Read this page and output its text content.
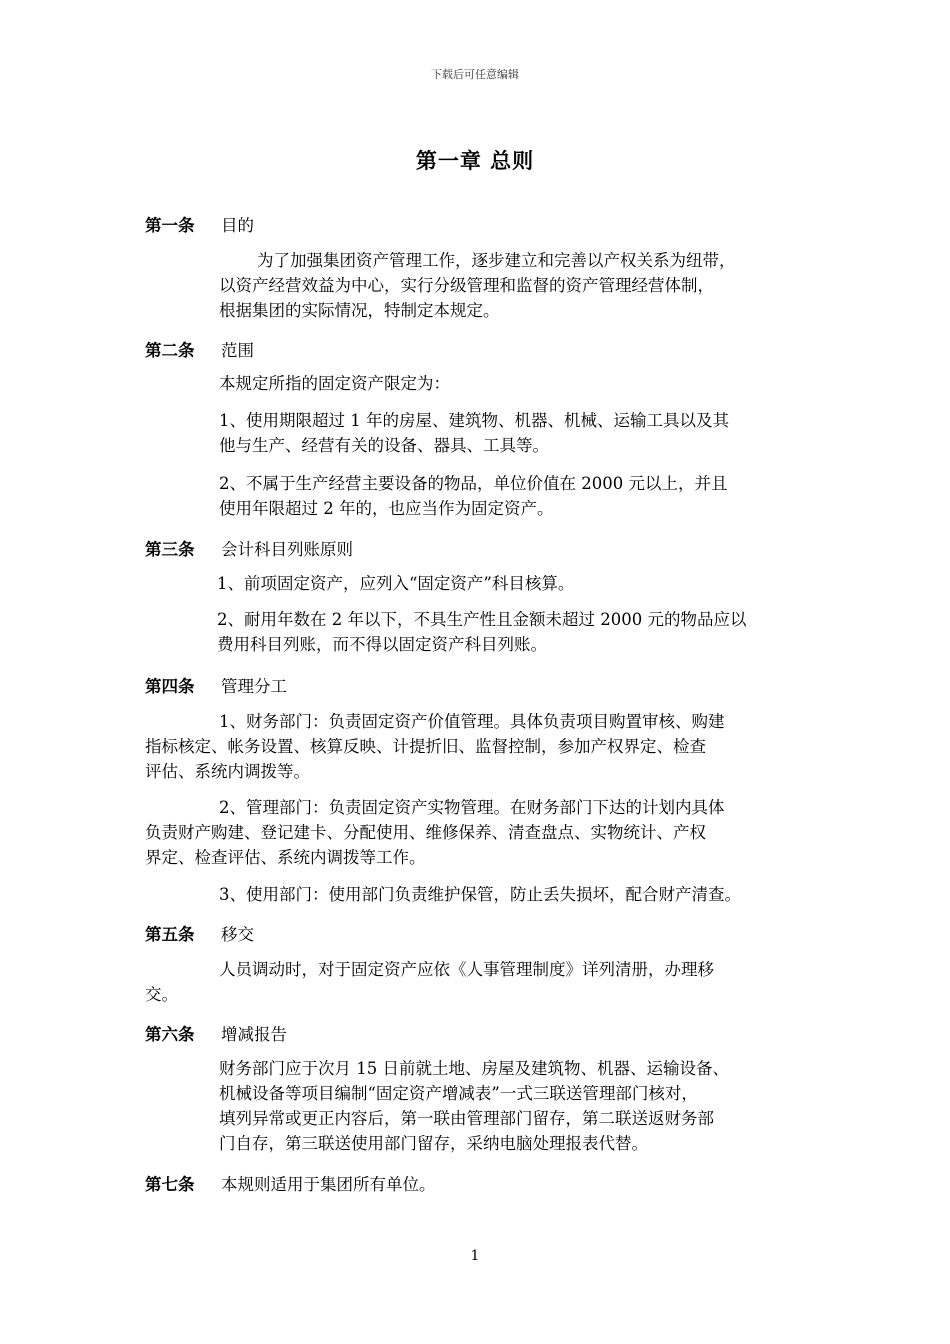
下载后可任意编辑
第一章 总则
第一条 目的
为了加强集团资产管理工作，逐步建立和完善以产权关系为纽带，
以资产经营效益为中心，实行分级管理和监督的资产管理经营体制，
根据集团的实际情况，特制定本规定。
第二条 范围
本规定所指的固定资产限定为：
1、使用期限超过 1 年的房屋、建筑物、机器、机械、运输工具以及其
他与生产、经营有关的设备、器具、工具等。
2、不属于生产经营主要设备的物品，单位价值在 2000 元以上，并且
使用年限超过 2 年的，也应当作为固定资产。
第三条 会计科目列账原则
1、前项固定资产，应列入“固定资产”科目核算。
2、耐用年数在 2 年以下，不具生产性且金额未超过 2000 元的物品应以
费用科目列账，而不得以固定资产科目列账。
第四条 管理分工
1、财务部门：负责固定资产价值管理。具体负责项目购置审核、购建
指标核定、帐务设置、核算反映、计提折旧、监督控制，参加产权界定、检查
评估、系统内调拨等。
2、管理部门：负责固定资产实物管理。在财务部门下达的计划内具体
负责财产购建、登记建卡、分配使用、维修保养、清查盘点、实物统计、产权
界定、检查评估、系统内调拨等工作。
3、使用部门：使用部门负责维护保管，防止丢失损坏，配合财产清查。
第五条 移交
人员调动时，对于固定资产应依《人事管理制度》详列清册，办理移
交。
第六条 增减报告
财务部门应于次月 15 日前就土地、房屋及建筑物、机器、运输设备、
机械设备等项目编制“固定资产增减表”一式三联送管理部门核对，
填列异常或更正内容后，第一联由管理部门留存，第二联送返财务部
门自存，第三联送使用部门留存，采纳电脑处理报表代替。
第七条 本规则适用于集团所有单位。
1
